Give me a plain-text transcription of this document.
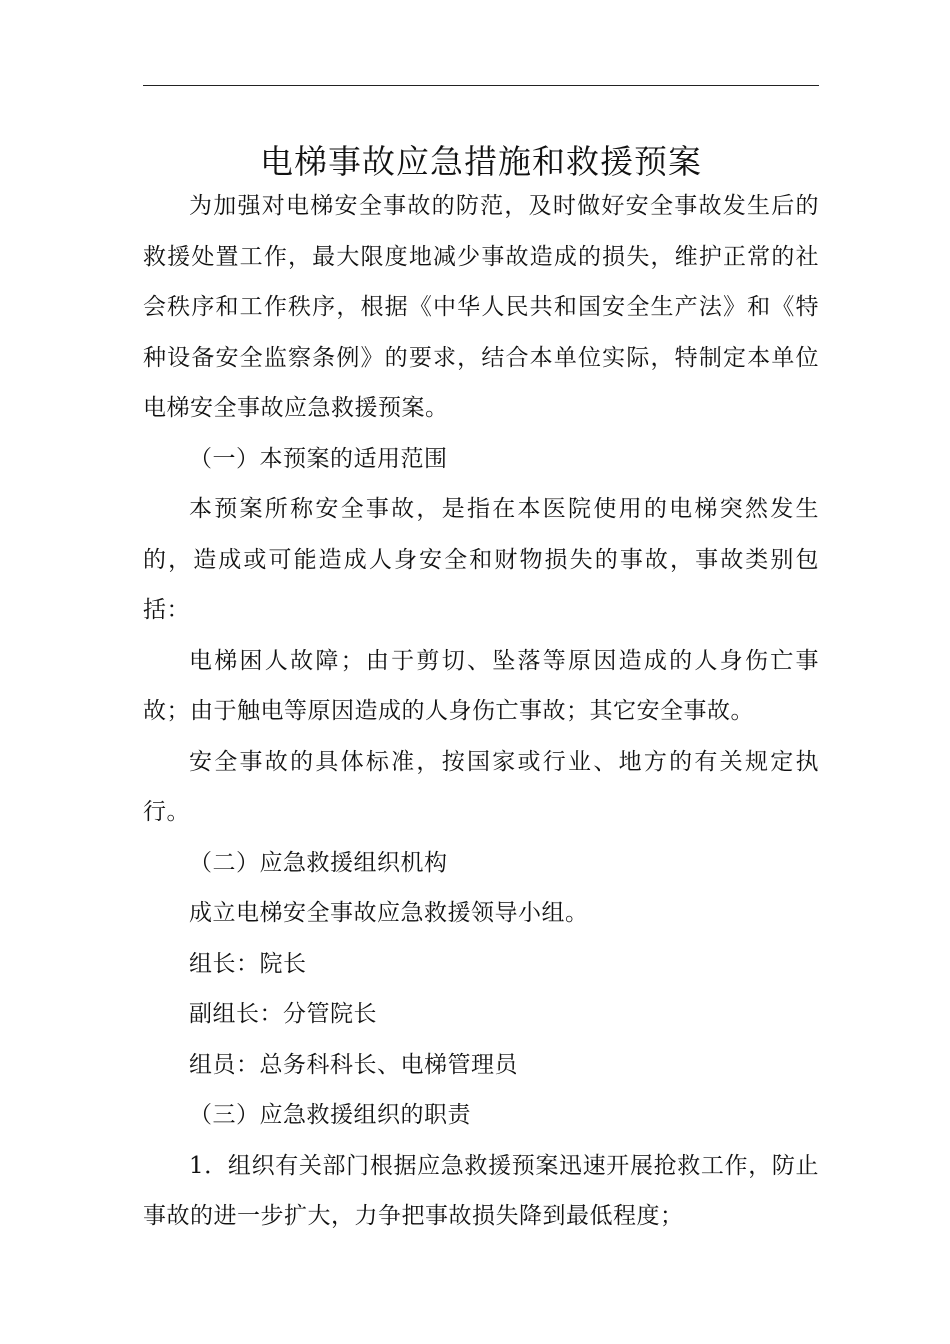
电梯事故应急措施和救援预案

为加强对电梯安全事故的防范，及时做好安全事故发生后的救援处置工作，最大限度地减少事故造成的损失，维护正常的社会秩序和工作秩序，根据《中华人民共和国安全生产法》和《特种设备安全监察条例》的要求，结合本单位实际，特制定本单位电梯安全事故应急救援预案。

（一）本预案的适用范围

本预案所称安全事故，是指在本医院使用的电梯突然发生的，造成或可能造成人身安全和财物损失的事故，事故类别包括：

电梯困人故障；由于剪切、坠落等原因造成的人身伤亡事故；由于触电等原因造成的人身伤亡事故；其它安全事故。

安全事故的具体标准，按国家或行业、地方的有关规定执行。

（二）应急救援组织机构

成立电梯安全事故应急救援领导小组。

组长：院长

副组长：分管院长

组员：总务科科长、电梯管理员

（三）应急救援组织的职责

1．组织有关部门根据应急救援预案迅速开展抢救工作，防止事故的进一步扩大，力争把事故损失降到最低程度；
